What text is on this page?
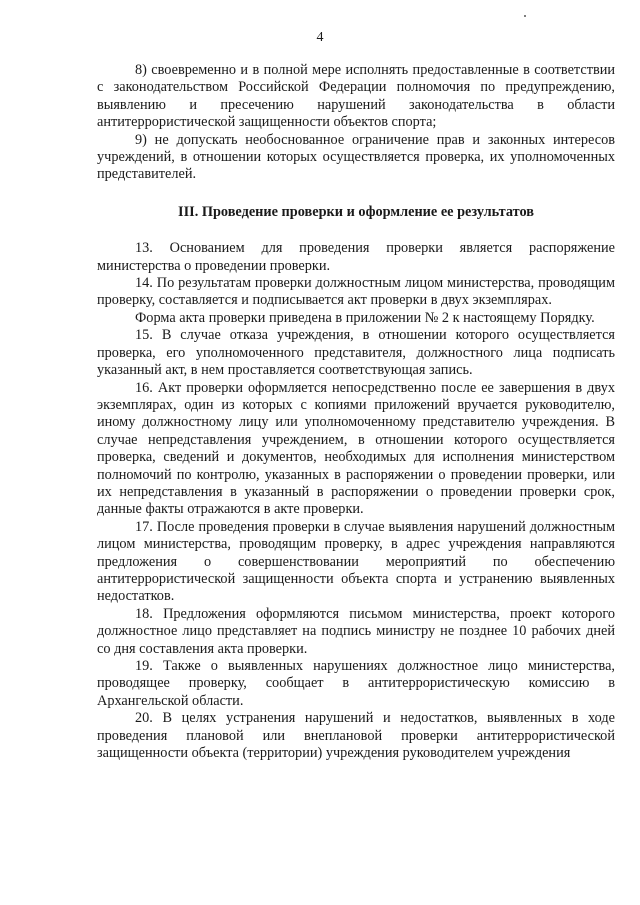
4

8) своевременно и в полной мере исполнять предоставленные в соответствии с законодательством Российской Федерации полномочия по предупреждению, выявлению и пресечению нарушений законодательства в области антитеррористической защищенности объектов спорта;

9) не допускать необоснованное ограничение прав и законных интересов учреждений, в отношении которых осуществляется проверка, их уполномоченных представителей.

III. Проведение проверки и оформление ее результатов

13. Основанием для проведения проверки является распоряжение министерства о проведении проверки.

14. По результатам проверки должностным лицом министерства, проводящим проверку, составляется и подписывается акт проверки в двух экземплярах.

Форма акта проверки приведена в приложении № 2 к настоящему Порядку.

15. В случае отказа учреждения, в отношении которого осуществляется проверка, его уполномоченного представителя, должностного лица подписать указанный акт, в нем проставляется соответствующая запись.

16. Акт проверки оформляется непосредственно после ее завершения в двух экземплярах, один из которых с копиями приложений вручается руководителю, иному должностному лицу или уполномоченному представителю учреждения. В случае непредставления учреждением, в отношении которого осуществляется проверка, сведений и документов, необходимых для исполнения министерством полномочий по контролю, указанных в распоряжении о проведении проверки, или их непредставления в указанный в распоряжении о проведении проверки срок, данные факты отражаются в акте проверки.

17. После проведения проверки в случае выявления нарушений должностным лицом министерства, проводящим проверку, в адрес учреждения направляются предложения о совершенствовании мероприятий по обеспечению антитеррористической защищенности объекта спорта и устранению выявленных недостатков.

18. Предложения оформляются письмом министерства, проект которого должностное лицо представляет на подпись министру не позднее 10 рабочих дней со дня составления акта проверки.

19. Также о выявленных нарушениях должностное лицо министерства, проводящее проверку, сообщает в антитеррористическую комиссию в Архангельской области.

20. В целях устранения нарушений и недостатков, выявленных в ходе проведения плановой или внеплановой проверки антитеррористической защищенности объекта (территории) учреждения руководителем учреждения
